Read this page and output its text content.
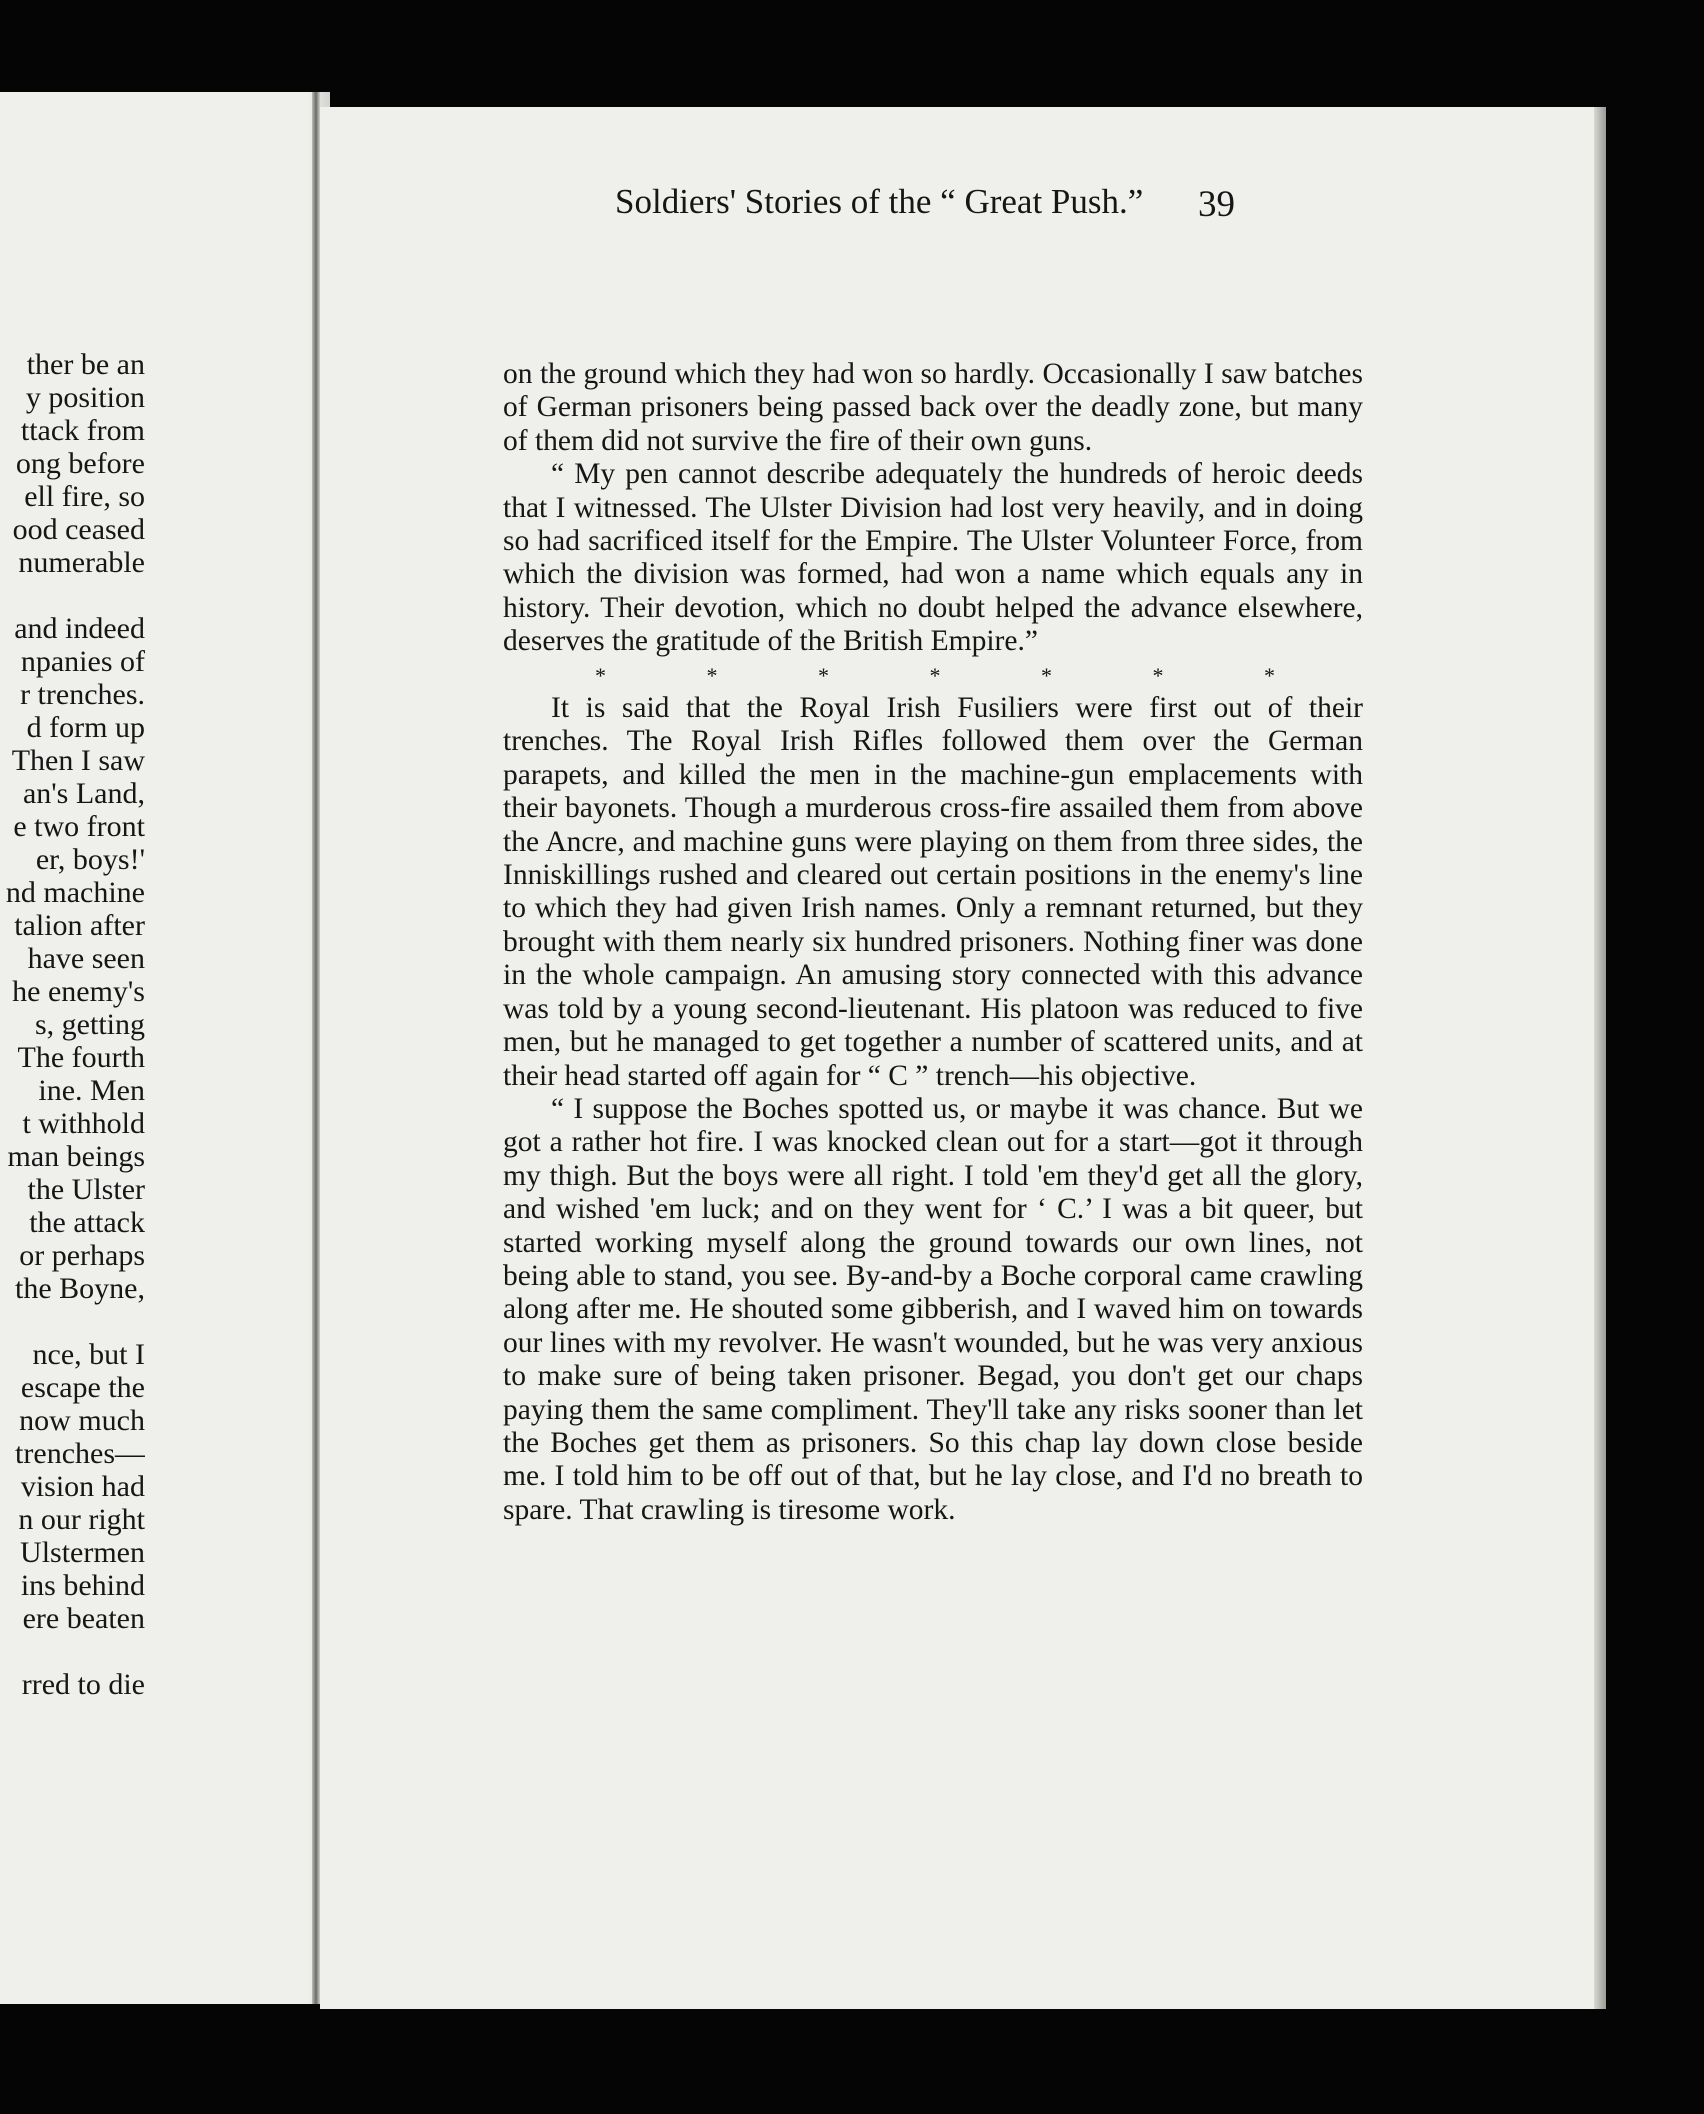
ther be an
y position
ttack from
ong before
ell fire, so
ood ceased
numerable
and indeed
npanies of
r trenches.
d form up
Then I saw
an's Land,
e two front
er, boys!'
nd machine
talion after
have seen
he enemy's
s, getting
The fourth
ine. Men
t withhold
man beings
the Ulster
the attack
or perhaps
the Boyne,
nce, but I
escape the
now much
trenches—
vision had
n our right
Ulstermen
ins behind
ere beaten
rred to die
Soldiers' Stories of the “ Great Push.” 39

on the ground which they had won so hardly. Occasionally I saw batches of German prisoners being passed back over the deadly zone, but many of them did not survive the fire of their own guns.

“ My pen cannot describe adequately the hundreds of heroic deeds that I witnessed. The Ulster Division had lost very heavily, and in doing so had sacrificed itself for the Empire. The Ulster Volunteer Force, from which the division was formed, had won a name which equals any in history. Their devotion, which no doubt helped the advance elsewhere, deserves the gratitude of the British Empire.”

*	*	*	*	*	*	*

It is said that the Royal Irish Fusiliers were first out of their trenches. The Royal Irish Rifles followed them over the German parapets, and killed the men in the machine-gun emplacements with their bayonets. Though a murderous cross-fire assailed them from above the Ancre, and machine guns were playing on them from three sides, the Inniskillings rushed and cleared out certain positions in the enemy's line to which they had given Irish names. Only a remnant returned, but they brought with them nearly six hundred prisoners. Nothing finer was done in the whole campaign. An amusing story connected with this advance was told by a young second-lieutenant. His platoon was reduced to five men, but he managed to get together a number of scattered units, and at their head started off again for “ C ” trench—his objective.

“ I suppose the Boches spotted us, or maybe it was chance. But we got a rather hot fire. I was knocked clean out for a start—got it through my thigh. But the boys were all right. I told 'em they'd get all the glory, and wished 'em luck; and on they went for ‘ C.’ I was a bit queer, but started working myself along the ground towards our own lines, not being able to stand, you see. By-and-by a Boche corporal came crawling along after me. He shouted some gibberish, and I waved him on towards our lines with my revolver. He wasn't wounded, but he was very anxious to make sure of being taken prisoner. Begad, you don't get our chaps paying them the same compliment. They'll take any risks sooner than let the Boches get them as prisoners. So this chap lay down close beside me. I told him to be off out of that, but he lay close, and I'd no breath to spare. That crawling is tiresome work.
